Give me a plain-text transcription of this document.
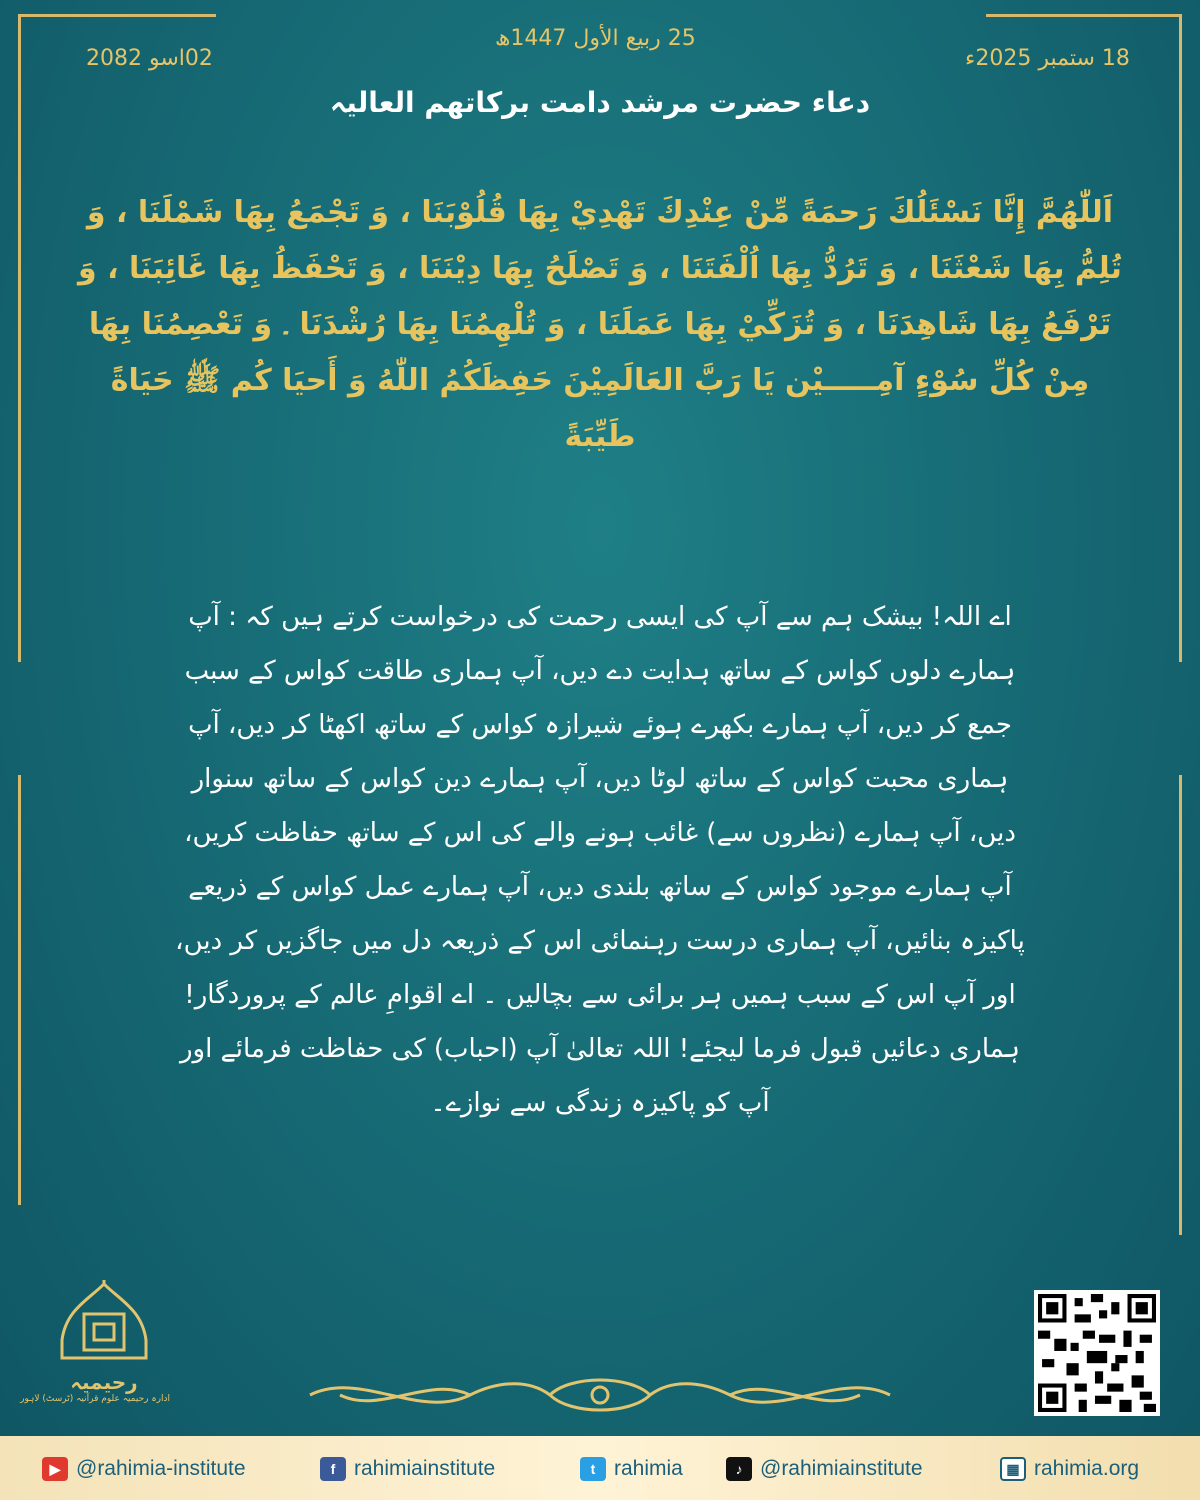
25 ربیع الأول 1447ھ
02اسو 2082	18 ستمبر 2025ء
دعاء حضرت مرشد دامت برکاتھم العالیہ
اَللّٰھُمَّ إِنَّا نَسْئَلُكَ رَحمَةً مِّنْ عِنْدِكَ تَهْدِيْ بِهَا قُلُوْبَنَا ، وَ تَجْمَعُ بِهَا شَمْلَنَا ، وَ تُلِمُّ بِهَا شَعْثَنَا ، وَ تَرُدُّ بِهَا اُلْفَتَنَا ، وَ تَصْلَحُ بِهَا دِيْنَنَا ، وَ تَحْفَظُ بِهَا غَائِبَنَا ، وَ تَرْفَعُ بِهَا شَاهِدَنَا ، وَ تُزَكِّيْ بِهَا عَمَلَنَا ، وَ تُلْهِمُنَا بِهَا رُشْدَنَا ۔ وَ تَعْصِمُنَا بِهَا مِنْ كُلِّ سُوْءٍ آمِـــــيْن يَا رَبَّ العَالَمِيْنَ حَفِظَكُمُ اللّٰهُ وَ أَحيَا كُم ﷺ حَيَاةً طَيِّبَةً
اے اللہ! بیشک ہم سے آپ کی ایسی رحمت کی درخواست کرتے ہیں کہ : آپ ہمارے دلوں کواس کے ساتھ ہدایت دے دیں، آپ ہماری طاقت کواس کے سبب جمع کر دیں، آپ ہمارے بکھرے ہوئے شیرازہ کواس کے ساتھ اکھٹا کر دیں، آپ ہماری محبت کواس کے ساتھ لوٹا دیں، آپ ہمارے دین کواس کے ساتھ سنوار دیں، آپ ہمارے (نظروں سے) غائب ہونے والے کی اس کے ساتھ حفاظت کریں، آپ ہمارے موجود کواس کے ساتھ بلندی دیں، آپ ہمارے عمل کواس کے ذریعے پاکیزہ بنائیں، آپ ہماری درست رہنمائی اس کے ذریعہ دل میں جاگزیں کر دیں، اور آپ اس کے سبب ہمیں ہر برائی سے بچالیں ۔ اے اقوامِ عالم کے پروردگار! ہماری دعائیں قبول فرما لیجئے! اللہ تعالیٰ آپ (احباب) کی حفاظت فرمائے اور آپ کو پاکیزہ زندگی سے نوازے۔
رحیمیہ
ادارہ رحیمیہ علوم قرآنیہ (ٹرسٹ) لاہور
▶ @rahimia-institute	f rahimiainstitute	t rahimia	♪ @rahimiainstitute	▦ rahimia.org
